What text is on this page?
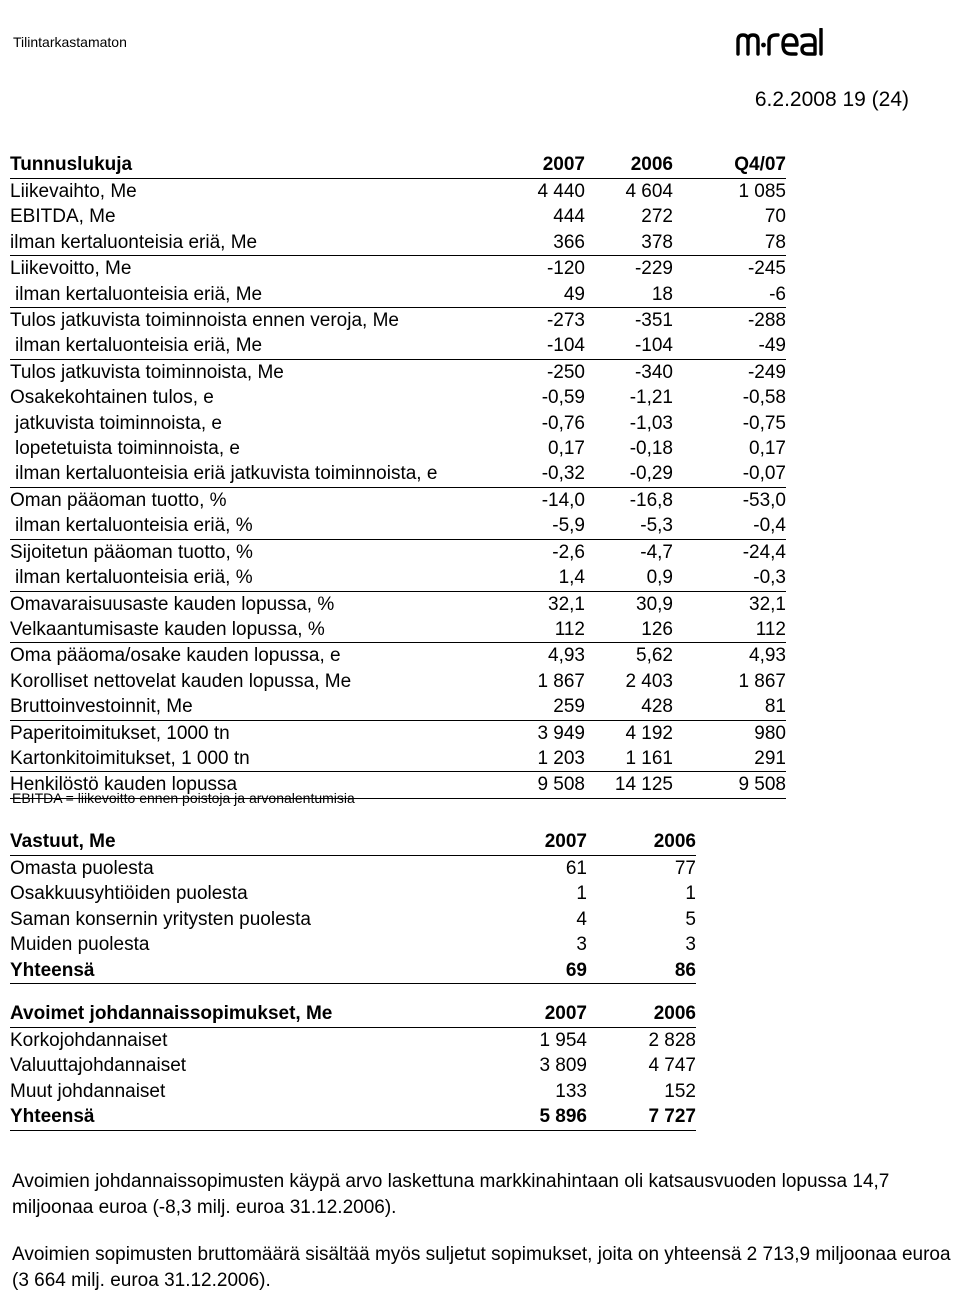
Tilintarkastamaton
6.2.2008 19 (24)
Tunnuslukuja	2007	2006	Q4/07
Liikevaihto, Me	4 440	4 604	1 085
EBITDA, Me	444	272	70
ilman kertaluonteisia eriä, Me	366	378	78
Liikevoitto, Me	-120	-229	-245
ilman kertaluonteisia eriä, Me	49	18	-6
Tulos jatkuvista toiminnoista ennen veroja, Me	-273	-351	-288
ilman kertaluonteisia eriä, Me	-104	-104	-49
Tulos jatkuvista toiminnoista, Me	-250	-340	-249
Osakekohtainen tulos, e	-0,59	-1,21	-0,58
jatkuvista toiminnoista, e	-0,76	-1,03	-0,75
lopetetuista toiminnoista, e	0,17	-0,18	0,17
ilman kertaluonteisia eriä jatkuvista toiminnoista, e	-0,32	-0,29	-0,07
Oman pääoman tuotto, %	-14,0	-16,8	-53,0
ilman kertaluonteisia eriä, %	-5,9	-5,3	-0,4
Sijoitetun pääoman tuotto, %	-2,6	-4,7	-24,4
ilman kertaluonteisia eriä, %	1,4	0,9	-0,3
Omavaraisuusaste kauden lopussa, %	32,1	30,9	32,1
Velkaantumisaste kauden lopussa, %	112	126	112
Oma pääoma/osake kauden lopussa, e	4,93	5,62	4,93
Korolliset nettovelat kauden lopussa, Me	1 867	2 403	1 867
Bruttoinvestoinnit, Me	259	428	81
Paperitoimitukset, 1000 tn	3 949	4 192	980
Kartonkitoimitukset, 1 000 tn	1 203	1 161	291
Henkilöstö kauden lopussa	9 508	14 125	9 508
EBITDA = liikevoitto ennen poistoja ja arvonalentumisia
Vastuut, Me	2007	2006
Omasta puolesta	61	77
Osakkuusyhtiöiden puolesta	1	1
Saman konsernin yritysten puolesta	4	5
Muiden puolesta	3	3
Yhteensä	69	86
Avoimet johdannaissopimukset, Me	2007	2006
Korkojohdannaiset	1 954	2 828
Valuuttajohdannaiset	3 809	4 747
Muut johdannaiset	133	152
Yhteensä	5 896	7 727

Avoimien johdannaissopimusten käypä arvo laskettuna markkinahintaan oli katsausvuoden lopussa 14,7 miljoonaa euroa (-8,3 milj. euroa 31.12.2006).

Avoimien sopimusten bruttomäärä sisältää myös suljetut sopimukset, joita on yhteensä 2 713,9 miljoonaa euroa (3 664 milj. euroa 31.12.2006).
